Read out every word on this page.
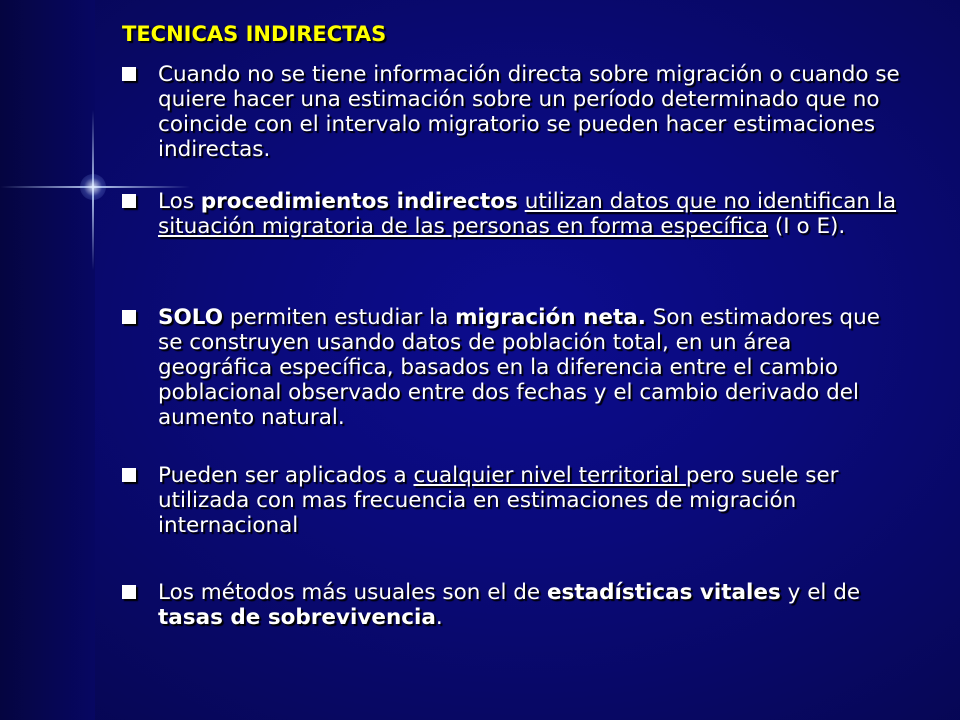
TECNICAS INDIRECTAS
Cuando no se tiene información directa sobre migración o cuando se quiere hacer una estimación sobre un período determinado que no coincide con el intervalo migratorio se pueden hacer estimaciones indirectas.
Los procedimientos indirectos utilizan datos que no identifican la situación migratoria de las personas en forma específica (I o E).
SOLO permiten estudiar la migración neta. Son estimadores que se construyen usando datos de población total, en un área geográfica específica, basados en la diferencia entre el cambio poblacional observado entre dos fechas y el cambio derivado del aumento natural.
Pueden ser aplicados a cualquier nivel territorial pero suele ser utilizada con mas frecuencia en estimaciones de migración internacional
Los métodos más usuales son el de estadísticas vitales y el de tasas de sobrevivencia.
